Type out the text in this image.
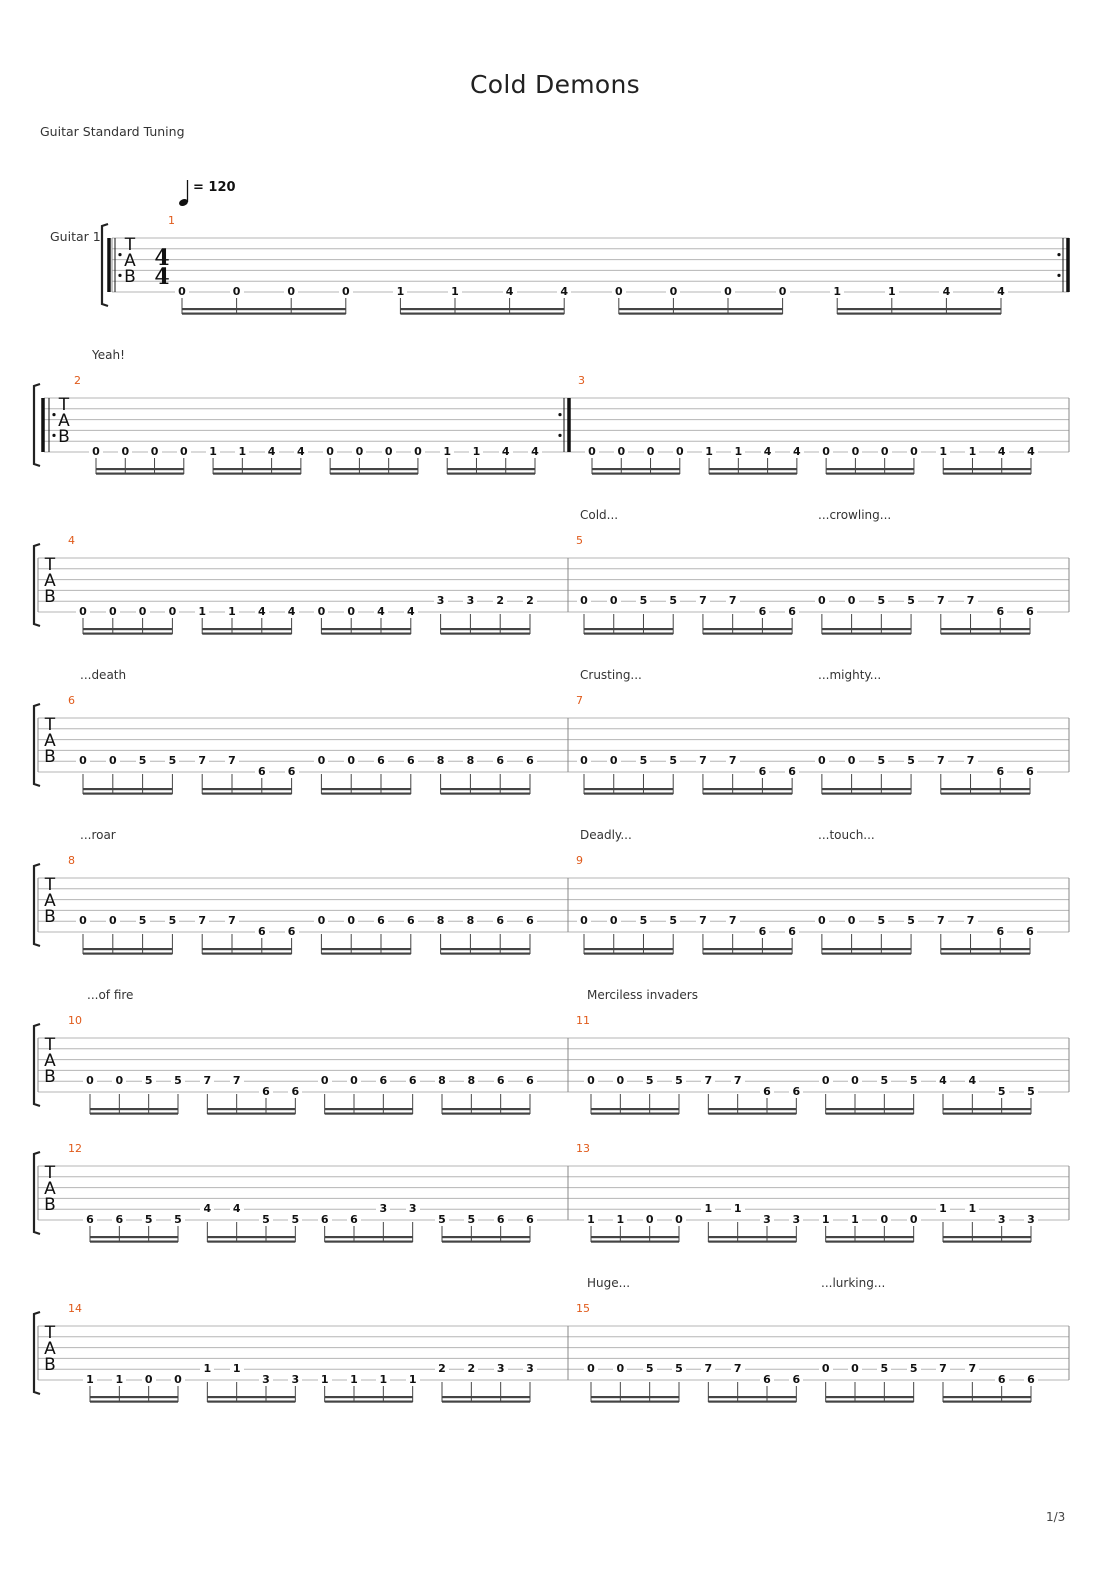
Cold Demons
Guitar Standard Tuning
= 120
Guitar 1
1/3
T
A
B
4
4
T
A
B
T
A
B
T
A
B
T
A
B
T
A
B
T
A
B
T
A
B
1
0	0	0	0	1	1	4	4	0	0	0	0	1	1	4	4
2
0 0 0 0 1 1 4 4 0 0 0 0 1 1 4 4
3
0 0 0 0 1 1 4 4 0 0 0 0 1 1 4 4
Yeah!
4
0 0 0 0 1 1 4 4 0 0 4 4
3 3 2 2
5
0 0 5 5 7 7
6 6
0 0 5 5 7 7
6 6
Cold...	...crowling...
6
0 0 5 5 7 7
6 6
0 0 6 6 8 8 6 6
7
0 0 5 5 7 7
6 6
0 0 5 5 7 7
6 6
...death	Crusting...	...mighty...
8
0 0 5 5 7 7
6 6
0 0 6 6 8 8 6 6
9
0 0 5 5 7 7
6 6
0 0 5 5 7 7
6 6
...roar	Deadly...	...touch...
10
0 0 5 5 7 7
6 6
0 0 6 6 8 8 6 6
11
0 0 5 5 7 7
6 6
0 0 5 5 4 4
5 5
...of fire	Merciless invaders
12
6 6 5 5
4 4
5 5 6 6
3 3
5 5 6 6
13
1 1 0 0
1 1
3 3 1 1 0 0
1 1
3 3
14
1 1 0 0
1 1
3 3 1 1 1 1
2 2 3 3
15
0 0 5 5 7 7
6 6
0 0 5 5 7 7
6 6
Huge...	...lurking...
